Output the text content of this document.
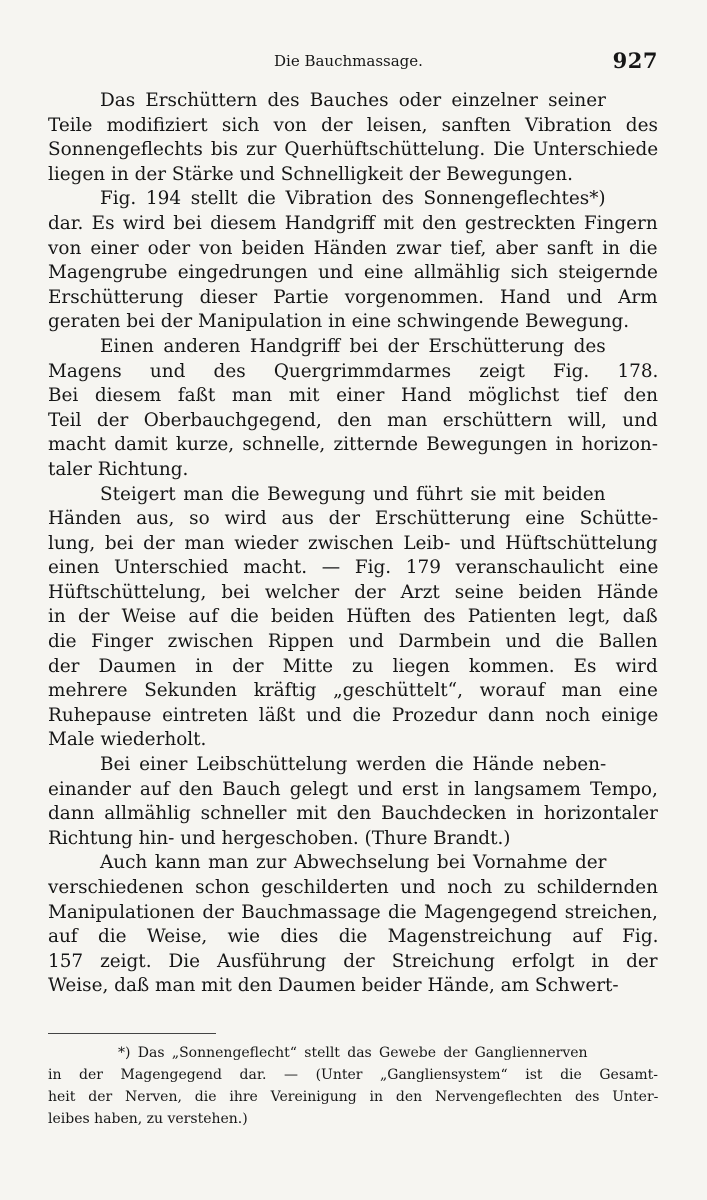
Die Bauchmassage.	927

Das Erschüttern des Bauches oder einzelner seiner
Teile modifiziert sich von der leisen, sanften Vibration des
Sonnengeflechts bis zur Querhüftschüttelung. Die Unterschiede
liegen in der Stärke und Schnelligkeit der Bewegungen.

Fig. 194 stellt die Vibration des Sonnengeflechtes*)
dar. Es wird bei diesem Handgriff mit den gestreckten Fingern
von einer oder von beiden Händen zwar tief, aber sanft in die
Magengrube eingedrungen und eine allmählig sich steigernde
Erschütterung dieser Partie vorgenommen. Hand und Arm
geraten bei der Manipulation in eine schwingende Bewegung.

Einen anderen Handgriff bei der Erschütterung des
Magens und des Quergrimmdarmes zeigt Fig. 178.
Bei diesem faßt man mit einer Hand möglichst tief den
Teil der Oberbauchgegend, den man erschüttern will, und
macht damit kurze, schnelle, zitternde Bewegungen in horizon-
taler Richtung.

Steigert man die Bewegung und führt sie mit beiden
Händen aus, so wird aus der Erschütterung eine Schütte-
lung, bei der man wieder zwischen Leib- und Hüftschüttelung
einen Unterschied macht. — Fig. 179 veranschaulicht eine
Hüftschüttelung, bei welcher der Arzt seine beiden Hände
in der Weise auf die beiden Hüften des Patienten legt, daß
die Finger zwischen Rippen und Darmbein und die Ballen
der Daumen in der Mitte zu liegen kommen. Es wird
mehrere Sekunden kräftig „geschüttelt“, worauf man eine
Ruhepause eintreten läßt und die Prozedur dann noch einige
Male wiederholt.

Bei einer Leibschüttelung werden die Hände neben-
einander auf den Bauch gelegt und erst in langsamem Tempo,
dann allmählig schneller mit den Bauchdecken in horizontaler
Richtung hin- und hergeschoben. (Thure Brandt.)

Auch kann man zur Abwechselung bei Vornahme der
verschiedenen schon geschilderten und noch zu schildernden
Manipulationen der Bauchmassage die Magengegend streichen,
auf die Weise, wie dies die Magenstreichung auf Fig.
157 zeigt. Die Ausführung der Streichung erfolgt in der
Weise, daß man mit den Daumen beider Hände, am Schwert-

*) Das „Sonnengeflecht“ stellt das Gewebe der Gangliennerven
in der Magengegend dar. — (Unter „Gangliensystem“ ist die Gesamt-
heit der Nerven, die ihre Vereinigung in den Nervengeflechten des Unter-
leibes haben, zu verstehen.)
